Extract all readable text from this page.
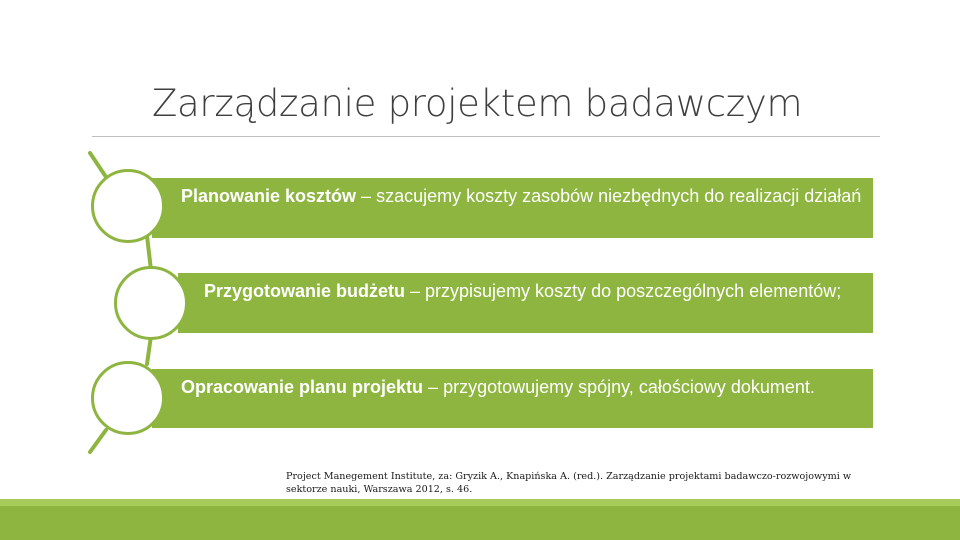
Zarządzanie projektem badawczym
Planowanie kosztów – szacujemy koszty zasobów niezbędnych do realizacji działań
Przygotowanie budżetu – przypisujemy koszty do poszczególnych elementów;
Opracowanie planu projektu – przygotowujemy spójny, całościowy dokument.
Project Manegement Institute, za: Gryzik A., Knapińska A. (red.). Zarządzanie projektami badawczo-rozwojowymi w sektorze nauki, Warszawa 2012, s. 46.
